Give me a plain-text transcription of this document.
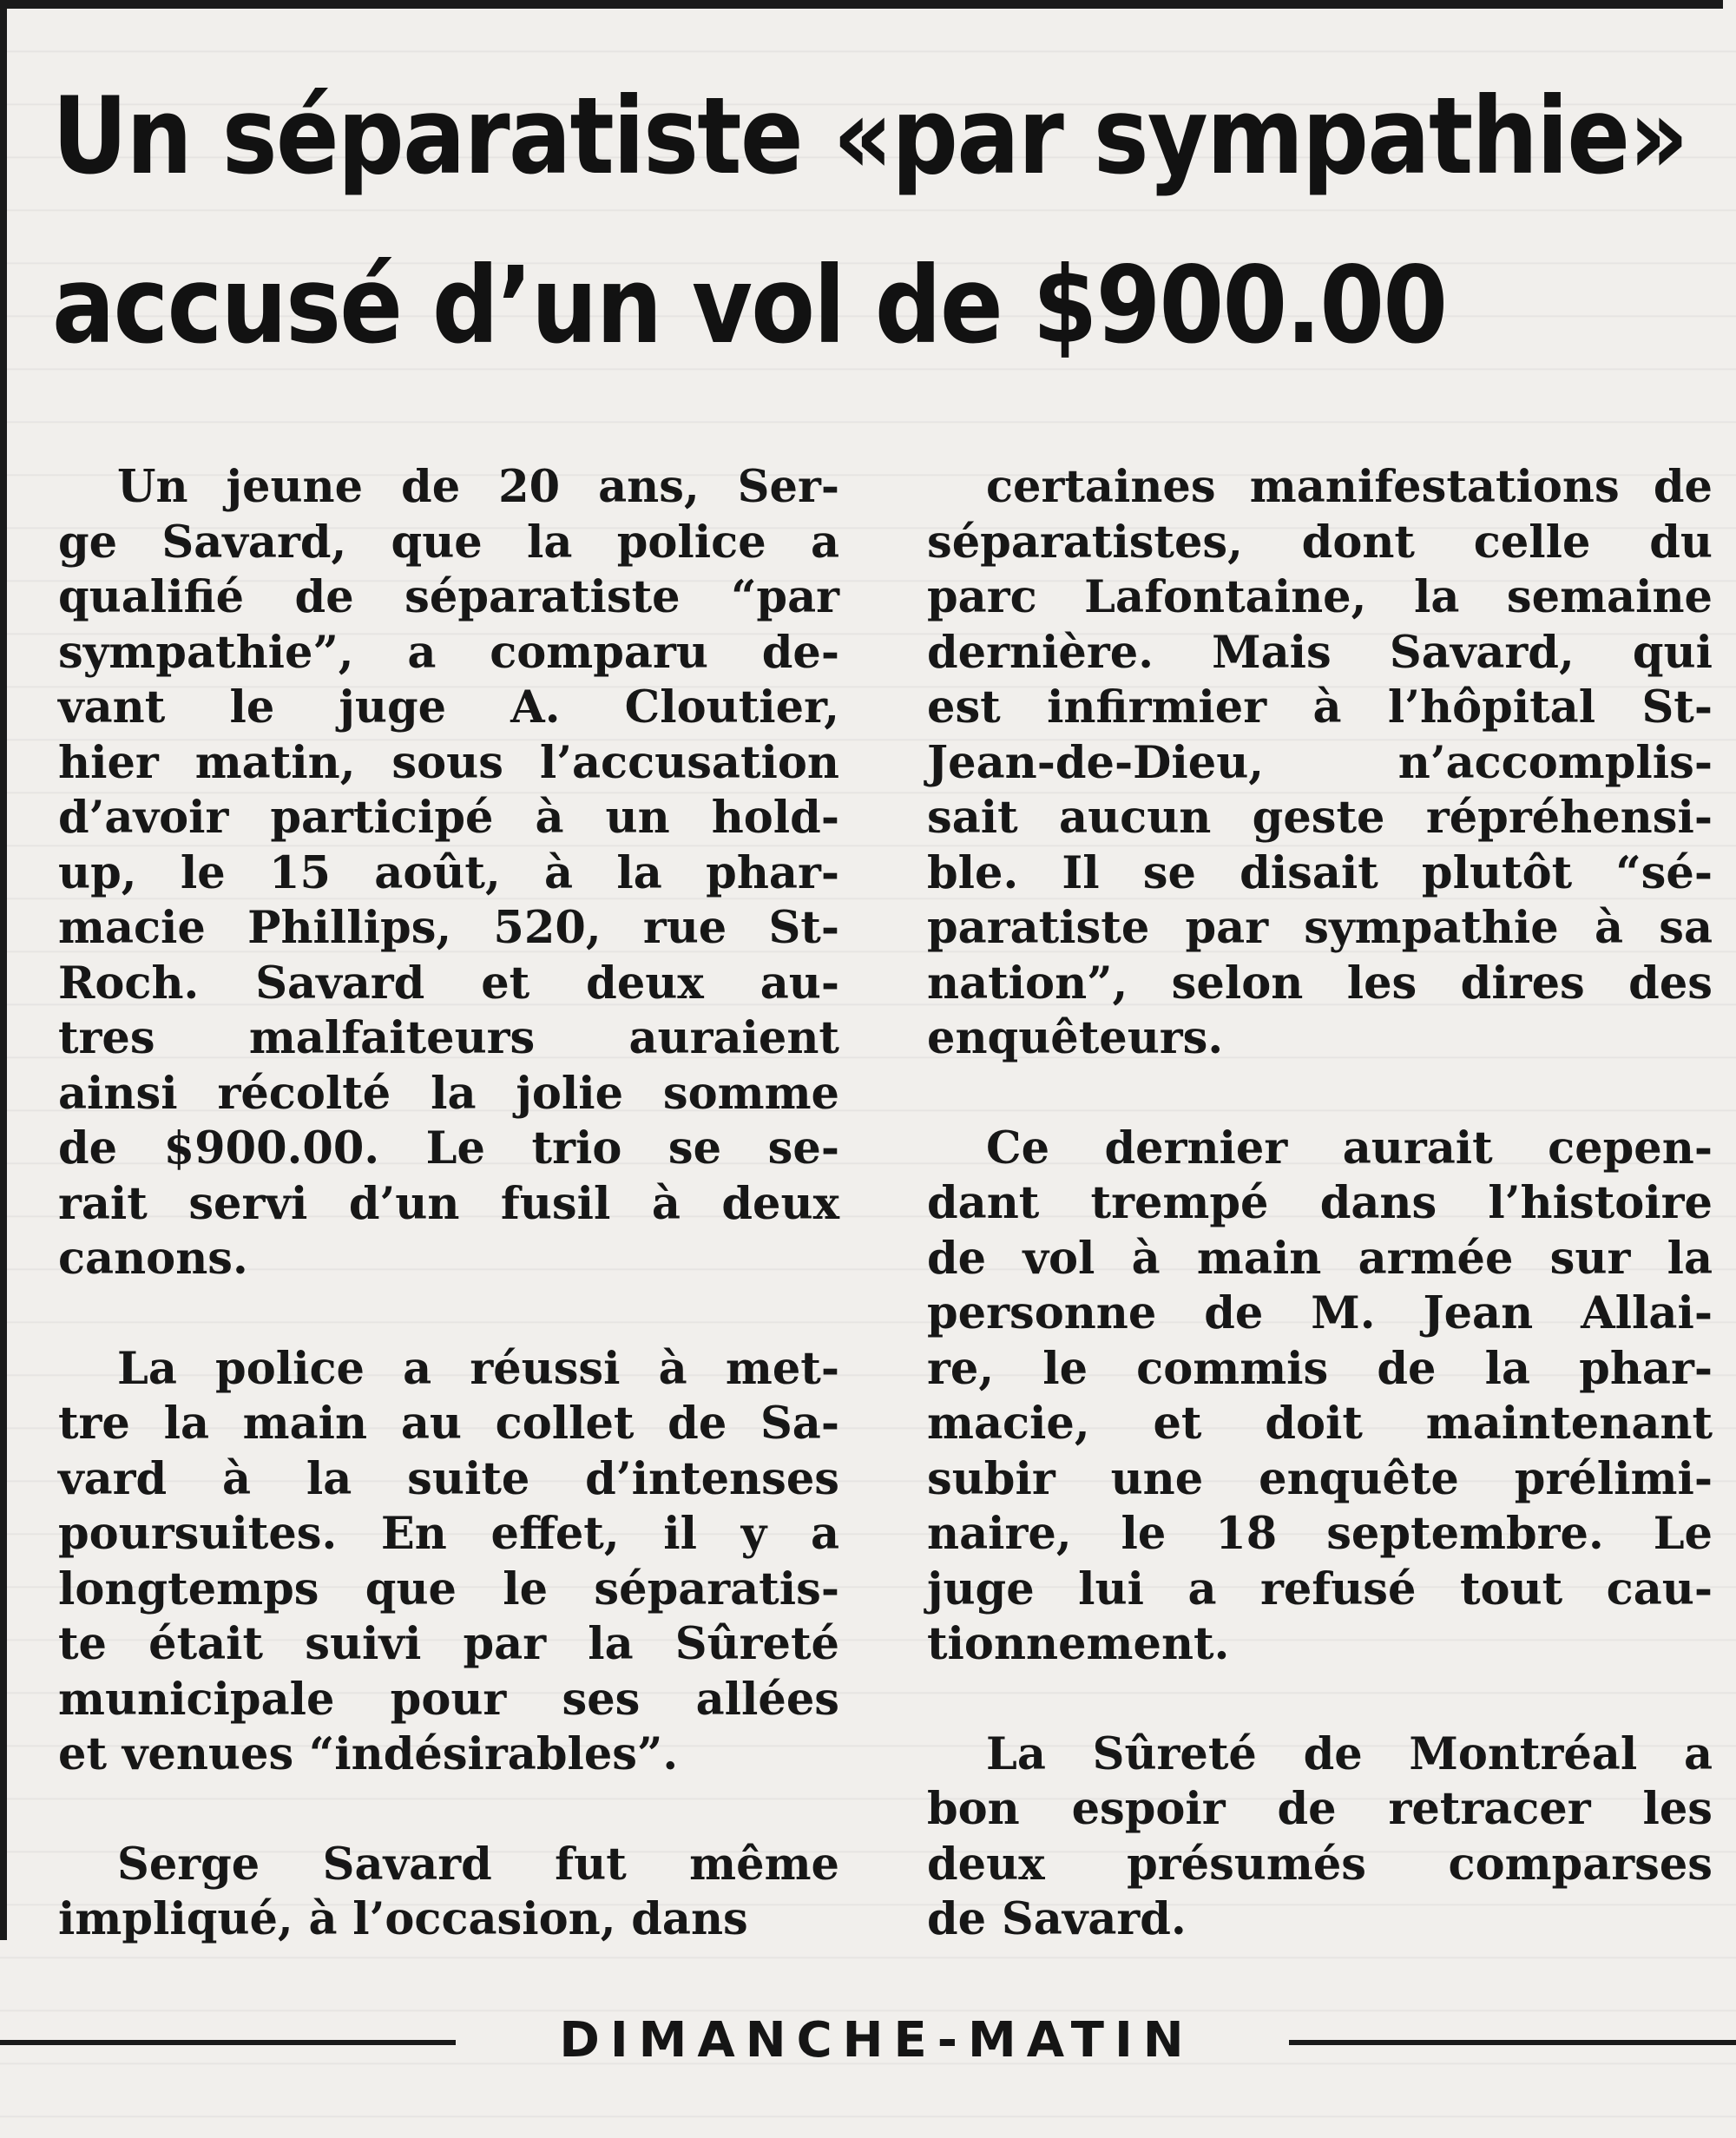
Un séparatiste «par sympathie»
accusé d’un vol de $900.00

Un jeune de 20 ans, Ser-
ge Savard, que la police a
qualifié de séparatiste “par
sympathie”, a comparu de-
vant le juge A. Cloutier,
hier matin, sous l’accusation
d’avoir participé à un hold-
up, le 15 août, à la phar-
macie Phillips, 520, rue St-
Roch. Savard et deux au-
tres malfaiteurs auraient
ainsi récolté la jolie somme
de $900.00. Le trio se se-
rait servi d’un fusil à deux
canons.

La police a réussi à met-
tre la main au collet de Sa-
vard à la suite d’intenses
poursuites. En effet, il y a
longtemps que le séparatis-
te était suivi par la Sûreté
municipale pour ses allées
et venues “indésirables”.

Serge Savard fut même
impliqué, à l’occasion, dans

certaines manifestations de
séparatistes, dont celle du
parc Lafontaine, la semaine
dernière. Mais Savard, qui
est infirmier à l’hôpital St-
Jean-de-Dieu, n’accomplis-
sait aucun geste répréhensi-
ble. Il se disait plutôt “sé-
paratiste par sympathie à sa
nation”, selon les dires des
enquêteurs.

Ce dernier aurait cepen-
dant trempé dans l’histoire
de vol à main armée sur la
personne de M. Jean Allai-
re, le commis de la phar-
macie, et doit maintenant
subir une enquête prélimi-
naire, le 18 septembre. Le
juge lui a refusé tout cau-
tionnement.

La Sûreté de Montréal a
bon espoir de retracer les
deux présumés comparses
de Savard.

DIMANCHE-MATIN
